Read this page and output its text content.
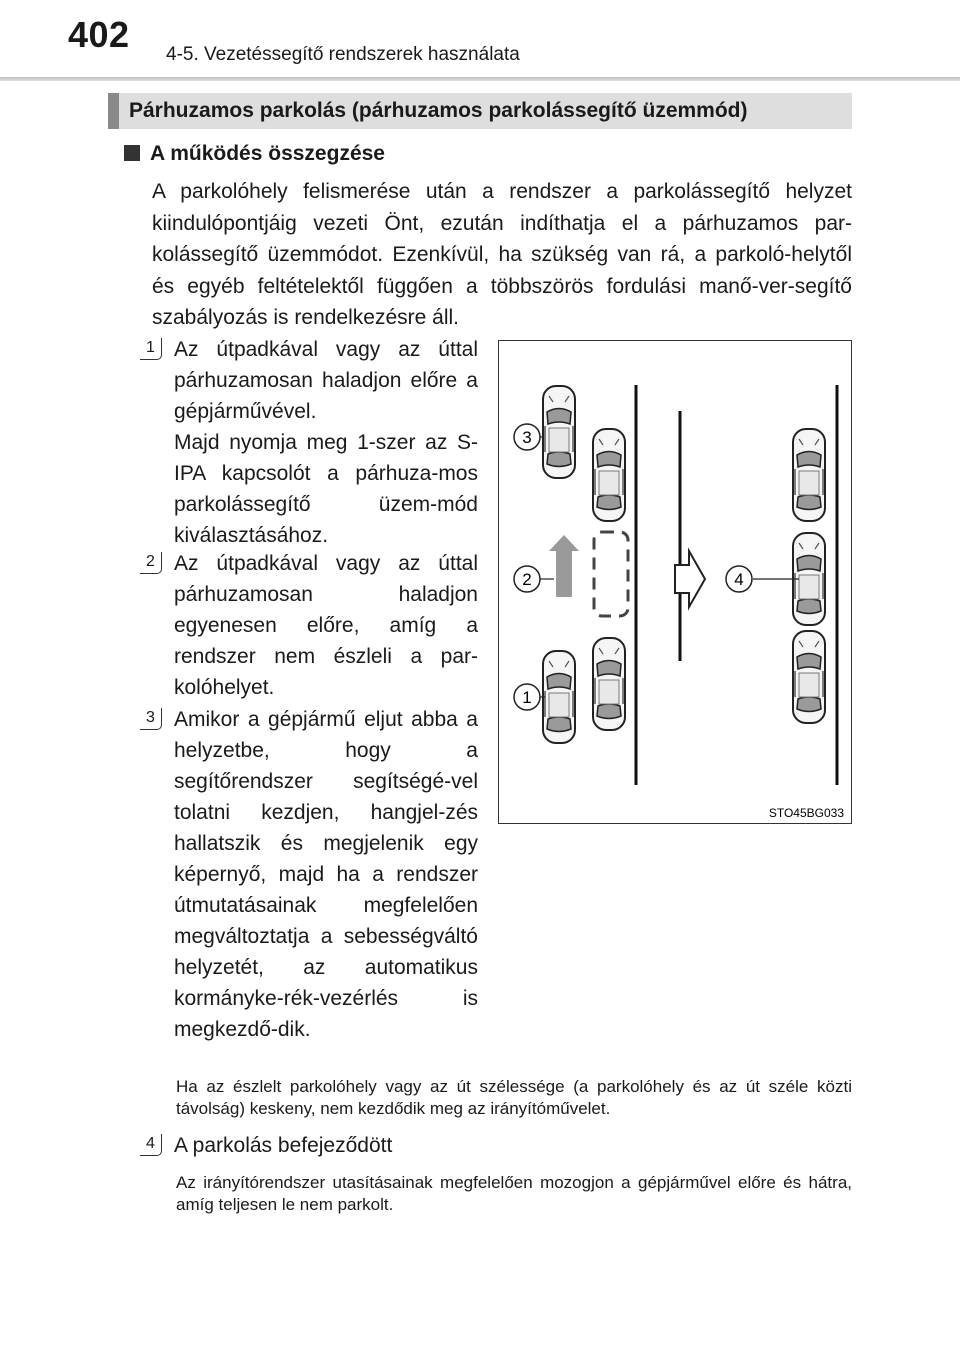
402 4-5. Vezetéssegítő rendszerek használata
Párhuzamos parkolás (párhuzamos parkolássegítő üzemmód)
A működés összegzése

A parkolóhely felismerése után a rendszer a parkolássegítő helyzet kiindulópontjáig vezeti Önt, ezután indíthatja el a párhuzamos par-kolássegítő üzemmódot. Ezenkívül, ha szükség van rá, a parkoló-helytől és egyéb feltételektől függően a többszörös fordulási manő-ver-segítő szabályozás is rendelkezésre áll.

1 Az útpadkával vagy az úttal párhuzamosan haladjon előre a gépjárművével.
Majd nyomja meg 1-szer az S-IPA kapcsolót a párhuza-mos parkolássegítő üzem-mód kiválasztásához.

2 Az útpadkával vagy az úttal párhuzamosan haladjon egyenesen előre, amíg a rendszer nem észleli a par-kolóhelyet.

3 Amikor a gépjármű eljut abba a helyzetbe, hogy a segítőrendszer segítségé-vel tolatni kezdjen, hangjel-zés hallatszik és megjelenik egy képernyő, majd ha a rendszer útmutatásainak megfelelően megváltoztatja a sebességváltó helyzetét, az automatikus kormányke-rék-vezérlés is megkezdő-dik.

Ha az észlelt parkolóhely vagy az út szélessége (a parkolóhely és az út széle közti távolság) keskeny, nem kezdődik meg az irányítóművelet.

4 A parkolás befejeződött

Az irányítórendszer utasításainak megfelelően mozogjon a gépjárművel előre és hátra, amíg teljesen le nem parkolt.

3
2
1
4
STO45BG033
